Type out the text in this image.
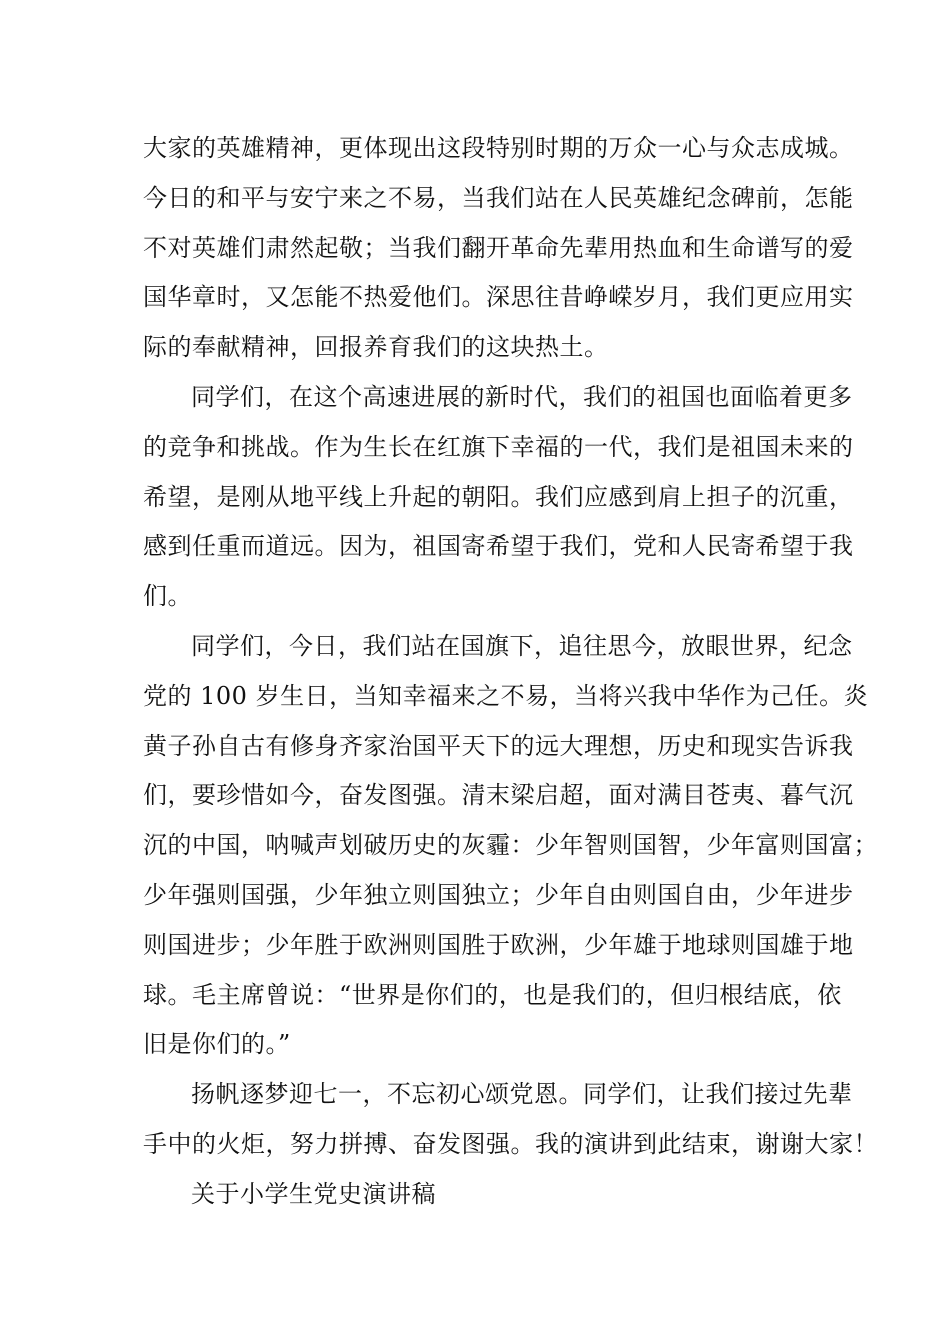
大家的英雄精神，更体现出这段特别时期的万众一心与众志成城。
今日的和平与安宁来之不易，当我们站在人民英雄纪念碑前，怎能
不对英雄们肃然起敬；当我们翻开革命先辈用热血和生命谱写的爱
国华章时，又怎能不热爱他们。深思往昔峥嵘岁月，我们更应用实
际的奉献精神，回报养育我们的这块热土。
同学们，在这个高速进展的新时代，我们的祖国也面临着更多
的竞争和挑战。作为生长在红旗下幸福的一代，我们是祖国未来的
希望，是刚从地平线上升起的朝阳。我们应感到肩上担子的沉重，
感到任重而道远。因为，祖国寄希望于我们，党和人民寄希望于我
们。
同学们，今日，我们站在国旗下，追往思今，放眼世界，纪念
党的 100 岁生日，当知幸福来之不易，当将兴我中华作为己任。炎
黄子孙自古有修身齐家治国平天下的远大理想，历史和现实告诉我
们，要珍惜如今，奋发图强。清末梁启超，面对满目苍夷、暮气沉
沉的中国，呐喊声划破历史的灰霾：少年智则国智，少年富则国富；
少年强则国强，少年独立则国独立；少年自由则国自由，少年进步
则国进步；少年胜于欧洲则国胜于欧洲，少年雄于地球则国雄于地
球。毛主席曾说：“世界是你们的，也是我们的，但归根结底，依
旧是你们的。”
扬帆逐梦迎七一，不忘初心颂党恩。同学们，让我们接过先辈
手中的火炬，努力拼搏、奋发图强。我的演讲到此结束，谢谢大家！
关于小学生党史演讲稿
